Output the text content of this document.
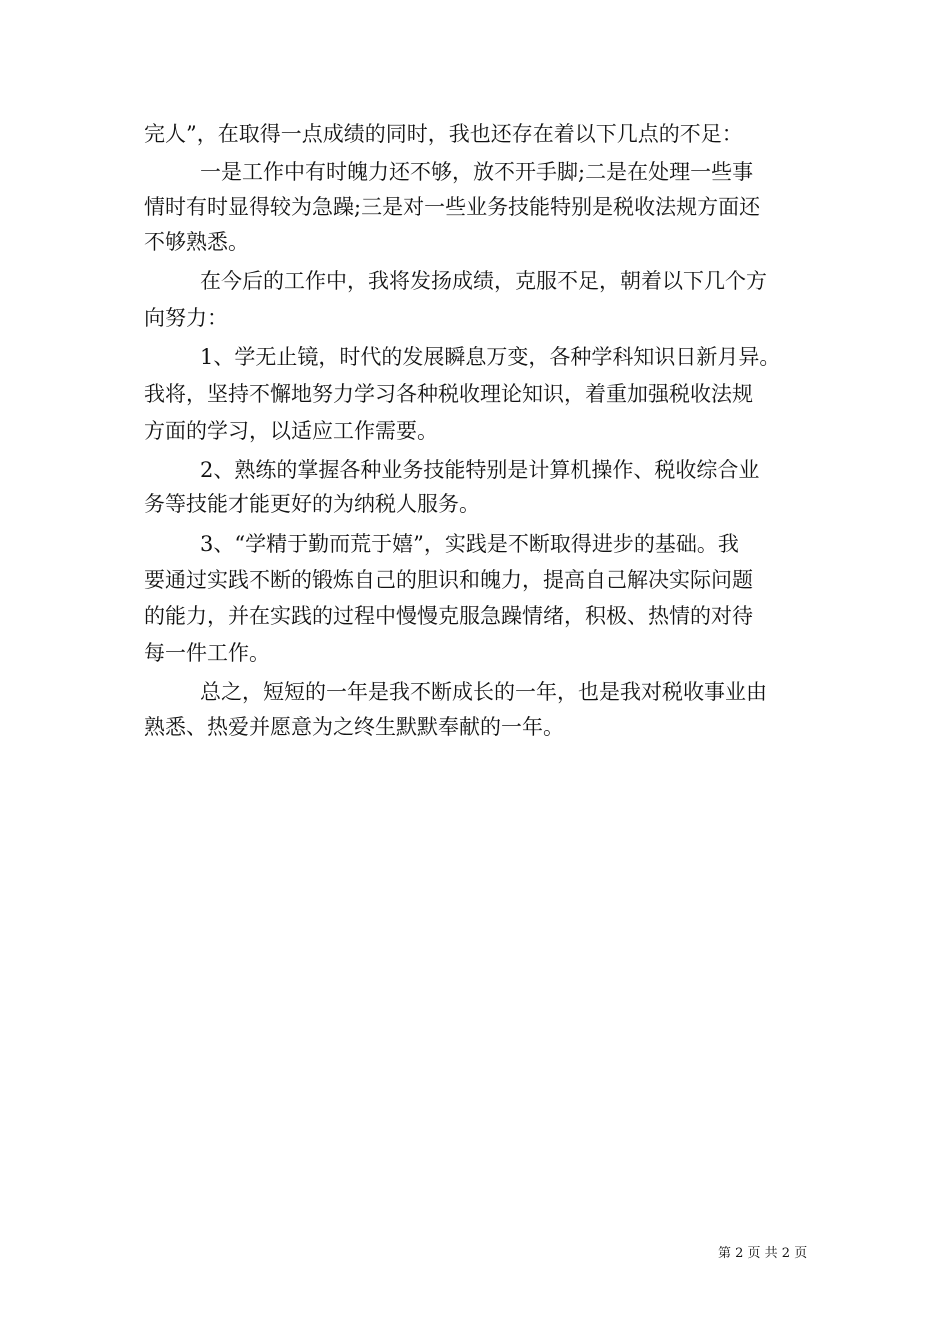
完人”，在取得一点成绩的同时，我也还存在着以下几点的不足：
一是工作中有时魄力还不够，放不开手脚;二是在处理一些事
情时有时显得较为急躁;三是对一些业务技能特别是税收法规方面还
不够熟悉。
在今后的工作中，我将发扬成绩，克服不足，朝着以下几个方
向努力：
1、学无止镜，时代的发展瞬息万变，各种学科知识日新月异。
我将，坚持不懈地努力学习各种税收理论知识，着重加强税收法规
方面的学习，以适应工作需要。
2、熟练的掌握各种业务技能特别是计算机操作、税收综合业
务等技能才能更好的为纳税人服务。
3、“学精于勤而荒于嬉”，实践是不断取得进步的基础。我
要通过实践不断的锻炼自己的胆识和魄力，提高自己解决实际问题
的能力，并在实践的过程中慢慢克服急躁情绪，积极、热情的对待
每一件工作。
总之，短短的一年是我不断成长的一年，也是我对税收事业由
熟悉、热爱并愿意为之终生默默奉献的一年。
第 2 页 共 2 页
